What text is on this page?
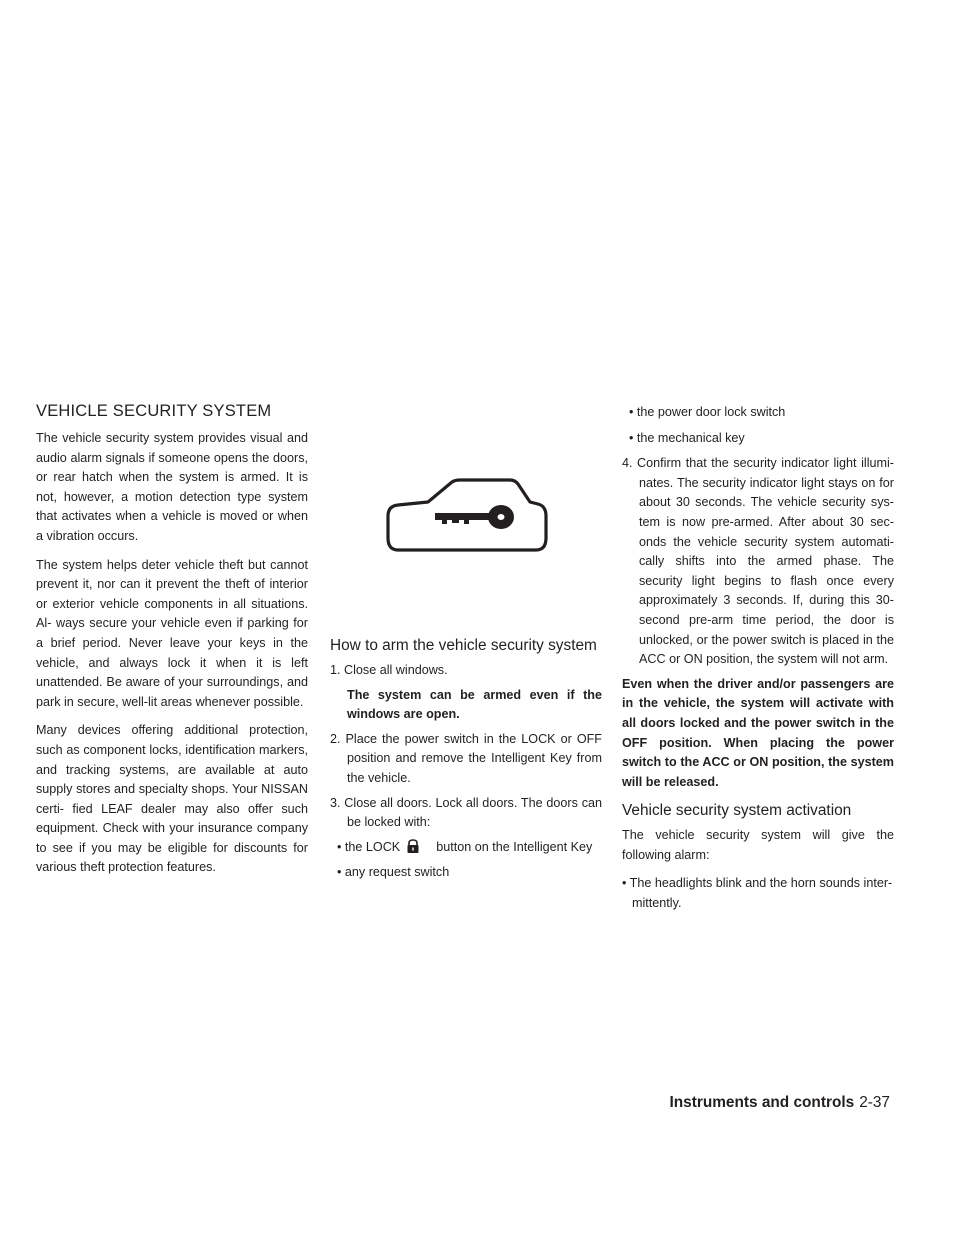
VEHICLE SECURITY SYSTEM

The vehicle security system provides visual and audio alarm signals if someone opens the doors, or rear hatch when the system is armed. It is not, however, a motion detection type system that activates when a vehicle is moved or when a vibration occurs.

The system helps deter vehicle theft but cannot prevent it, nor can it prevent the theft of interior or exterior vehicle components in all situations. Al- ways secure your vehicle even if parking for a brief period. Never leave your keys in the vehicle, and always lock it when it is left unattended. Be aware of your surroundings, and park in secure, well-lit areas whenever possible.

Many devices offering additional protection, such as component locks, identification markers, and tracking systems, are available at auto supply stores and specialty shops. Your NISSAN certi- fied LEAF dealer may also offer such equipment. Check with your insurance company to see if you may be eligible for discounts for various theft protection features.

How to arm the vehicle security system
1. Close all windows.
The system can be armed even if the windows are open.
2. Place the power switch in the LOCK or OFF position and remove the Intelligent Key from the vehicle.
3. Close all doors. Lock all doors. The doors can be locked with:
• the LOCK	button on the Intelligent Key
• any request switch
• the power door lock switch
• the mechanical key
4. Confirm that the security indicator light illumi- nates. The security indicator light stays on for about 30 seconds. The vehicle security sys- tem is now pre-armed. After about 30 sec- onds the vehicle security system automati- cally shifts into the armed phase. The security light begins to flash once every approximately 3 seconds. If, during this 30-second pre-arm time period, the door is unlocked, or the power switch is placed in the ACC or ON position, the system will not arm.

Even when the driver and/or passengers are in the vehicle, the system will activate with all doors locked and the power switch in the OFF position. When placing the power switch to the ACC or ON position, the system will be released.

Vehicle security system activation

The vehicle security system will give the following alarm:

• The headlights blink and the horn sounds inter- mittently.
Instruments and controls 2-37
